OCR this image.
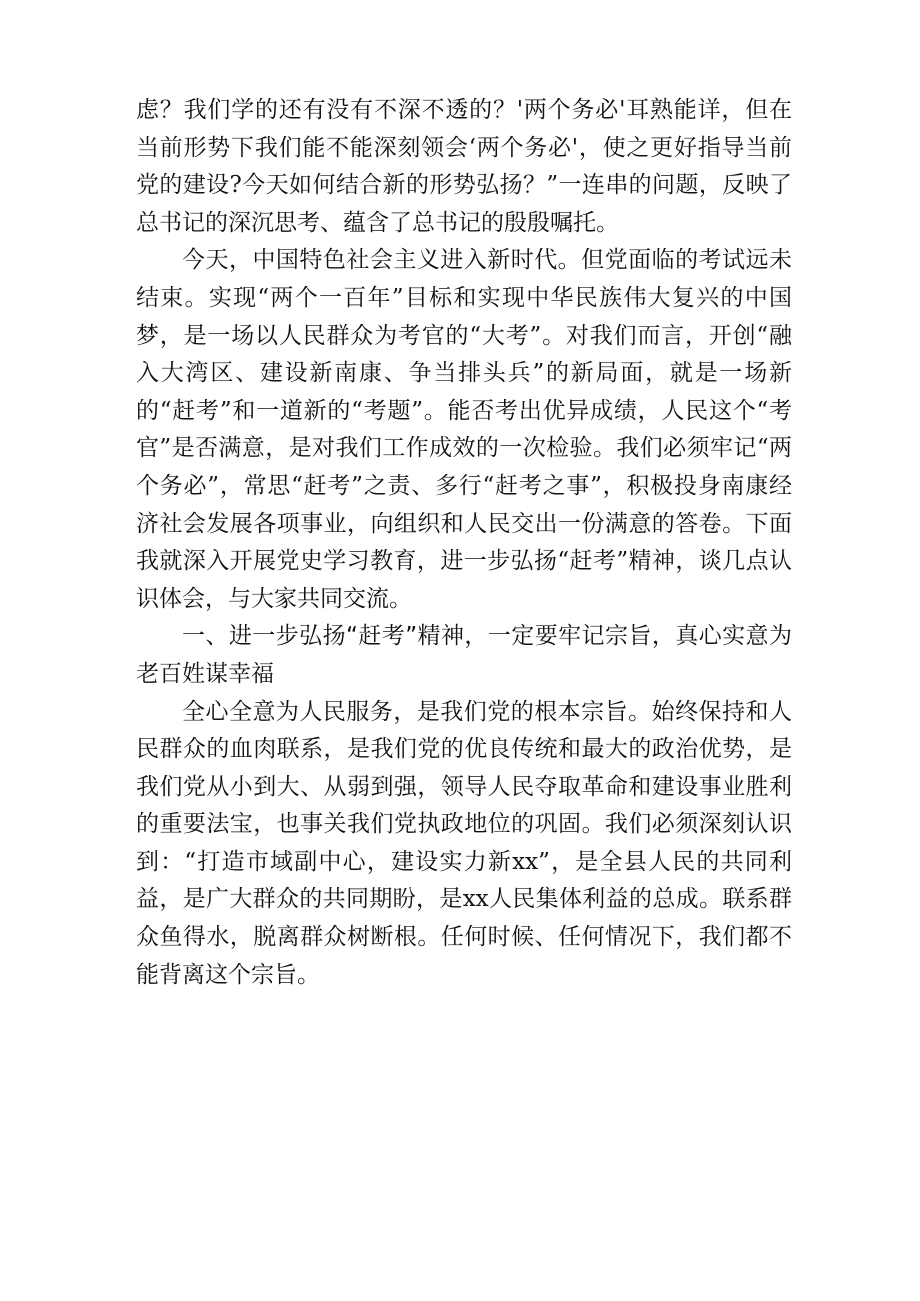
虑？我们学的还有没有不深不透的？'两个务必'耳熟能详，但在当前形势下我们能不能深刻领会‘两个务必'，使之更好指导当前党的建设?今天如何结合新的形势弘扬？”一连串的问题，反映了总书记的深沉思考、蕴含了总书记的殷殷嘱托。

今天，中国特色社会主义进入新时代。但党面临的考试远未结束。实现“两个一百年”目标和实现中华民族伟大复兴的中国梦，是一场以人民群众为考官的“大考”。对我们而言，开创“融入大湾区、建设新南康、争当排头兵”的新局面，就是一场新的“赶考”和一道新的“考题”。能否考出优异成绩，人民这个“考官”是否满意，是对我们工作成效的一次检验。我们必须牢记“两个务必”，常思“赶考”之责、多行“赶考之事”，积极投身南康经济社会发展各项事业，向组织和人民交出一份满意的答卷。下面我就深入开展党史学习教育，进一步弘扬“赶考”精神，谈几点认识体会，与大家共同交流。

一、进一步弘扬“赶考”精神，一定要牢记宗旨，真心实意为老百姓谋幸福

全心全意为人民服务，是我们党的根本宗旨。始终保持和人民群众的血肉联系，是我们党的优良传统和最大的政治优势，是我们党从小到大、从弱到强，领导人民夺取革命和建设事业胜利的重要法宝，也事关我们党执政地位的巩固。我们必须深刻认识到：“打造市域副中心，建设实力新xx”，是全县人民的共同利益，是广大群众的共同期盼，是xx人民集体利益的总成。联系群众鱼得水，脱离群众树断根。任何时候、任何情况下，我们都不能背离这个宗旨。
